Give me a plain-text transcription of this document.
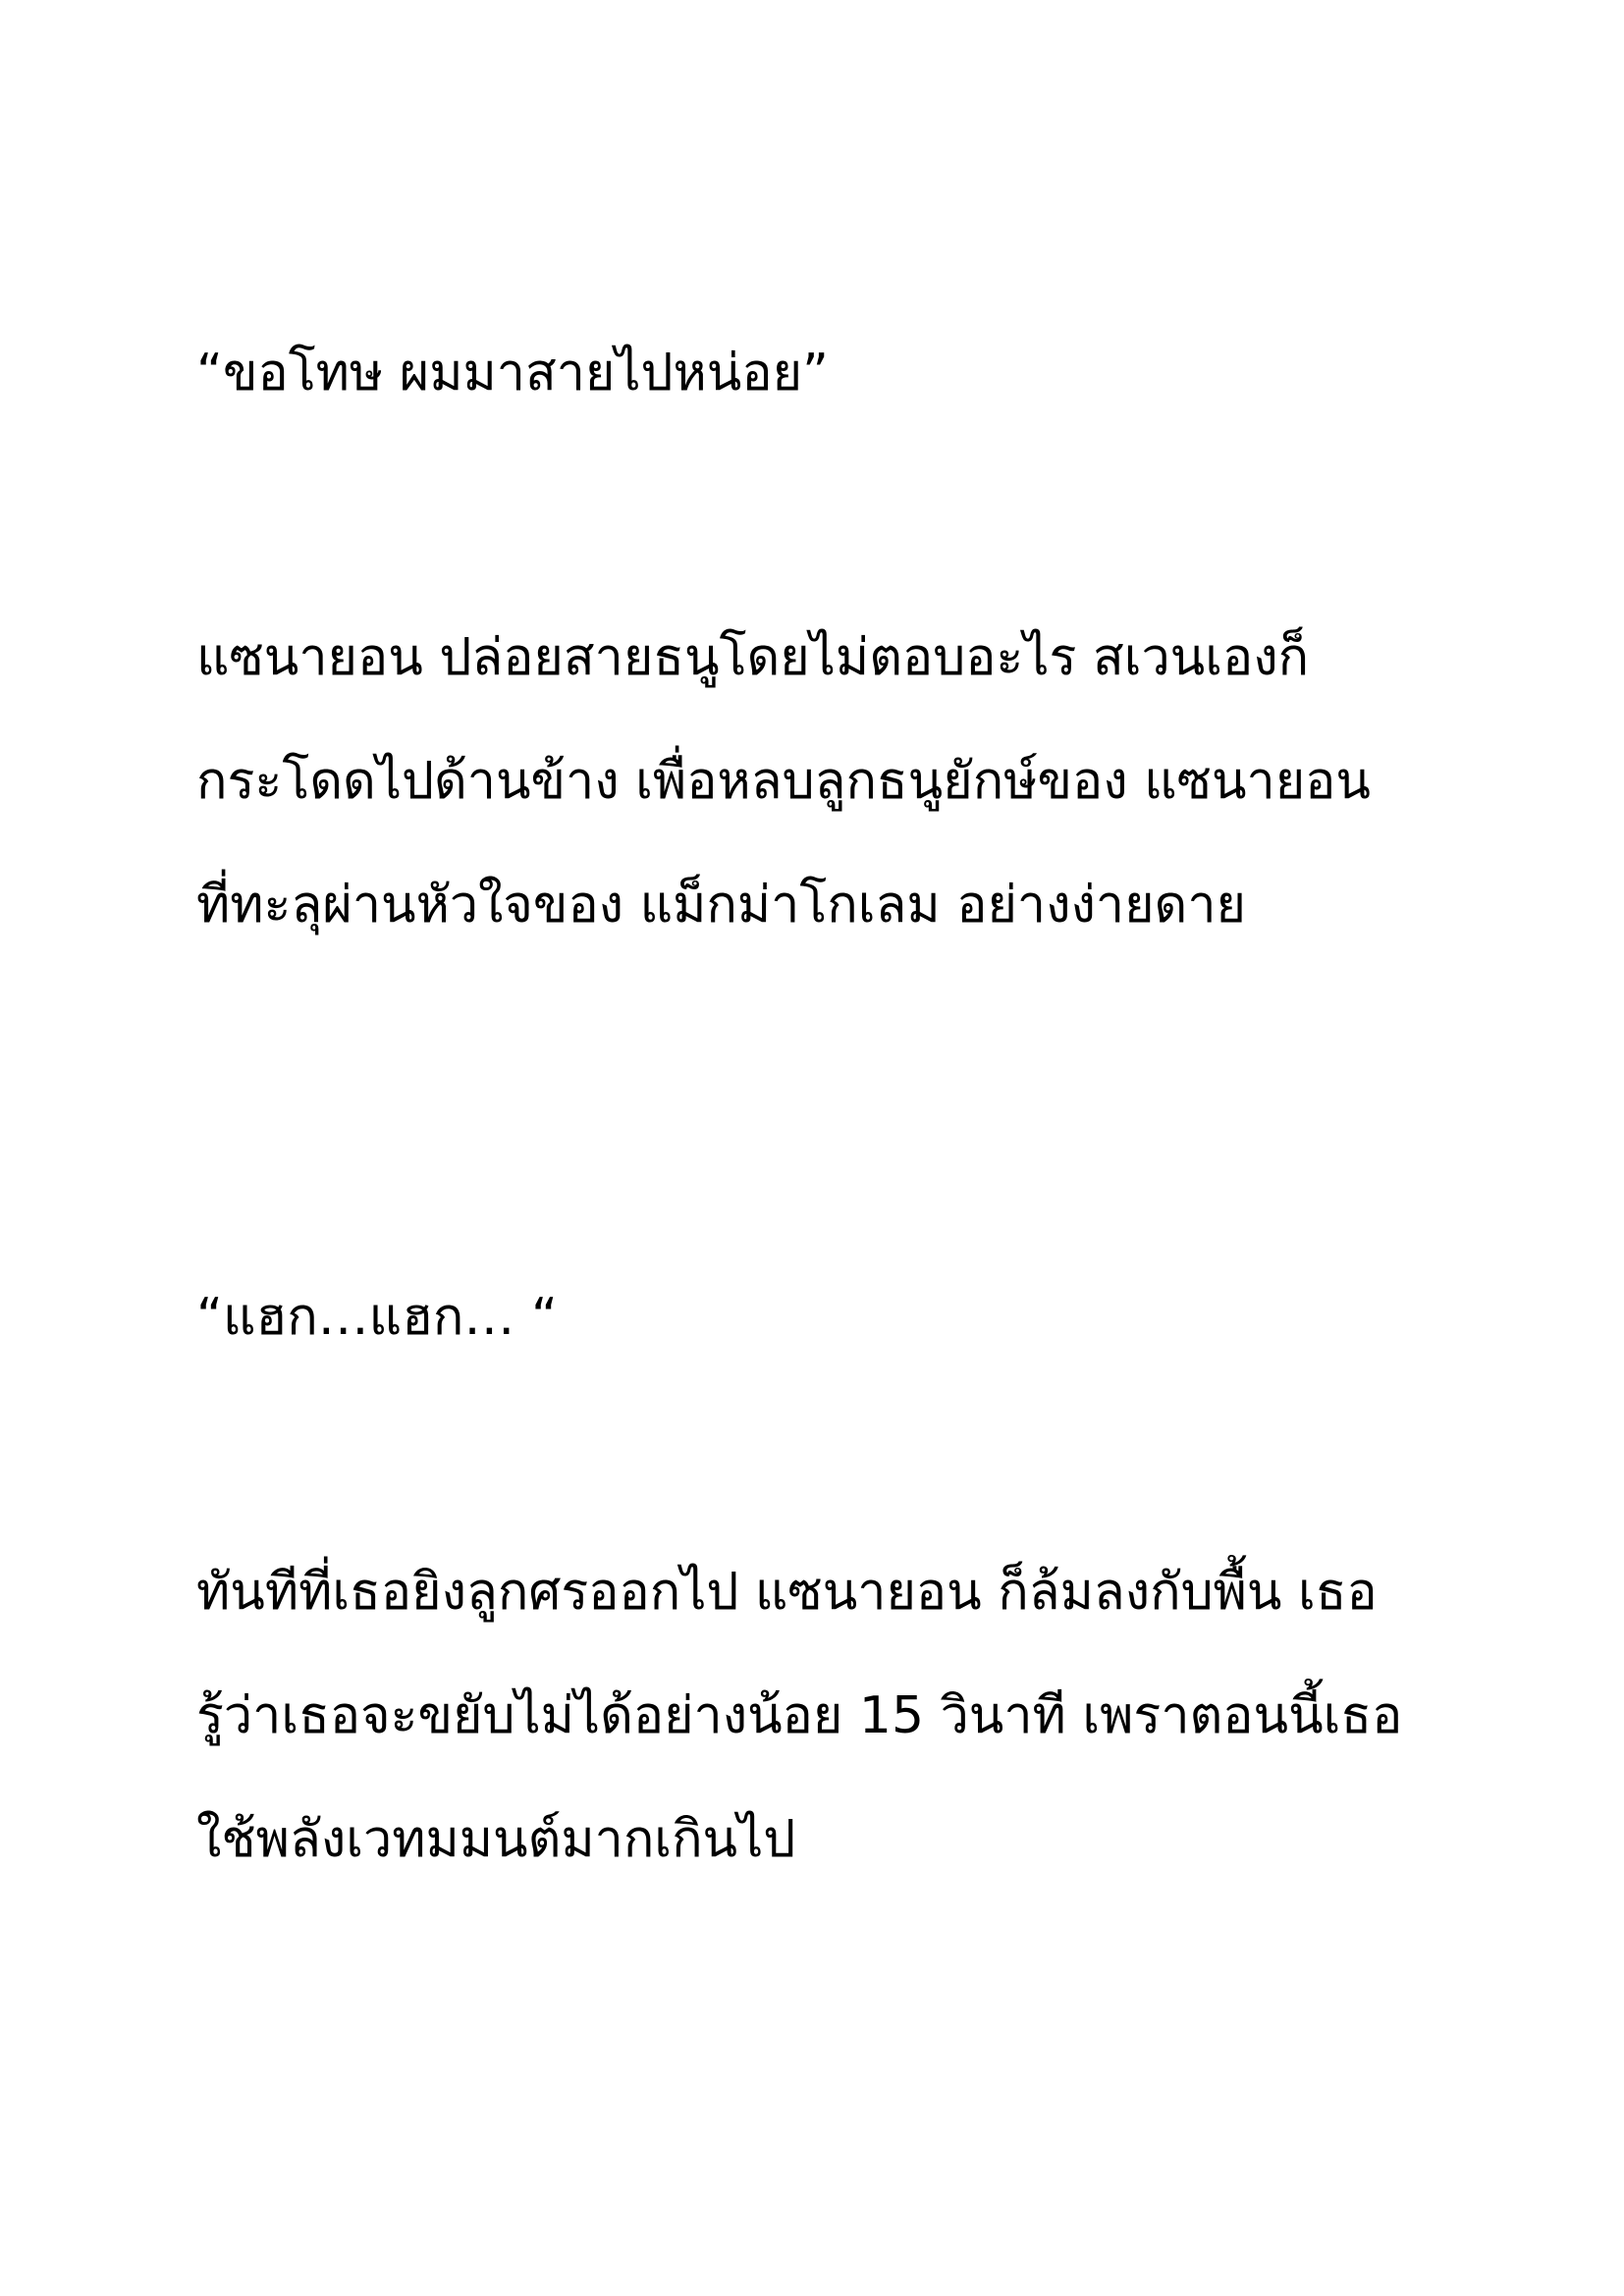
“ขอโทษ ผมมาสายไปหน่อย”

แซนายอน ปล่อยสายธนูโดยไม่ตอบอะไร สเวนเองก็

กระโดดไปด้านข้าง เพื่อหลบลูกธนูยักษ์ของ แซนายอน

ที่ทะลุผ่านหัวใจของ แม็กม่าโกเลม อย่างง่ายดาย

“แฮก…แฮก… “

ทันทีที่เธอยิงลูกศรออกไป แซนายอน ก็ล้มลงกับพื้น เธอ

รู้ว่าเธอจะขยับไม่ได้อย่างน้อย 15 วินาที เพราตอนนี้เธอ

ใช้พลังเวทมมนต์มากเกินไป
